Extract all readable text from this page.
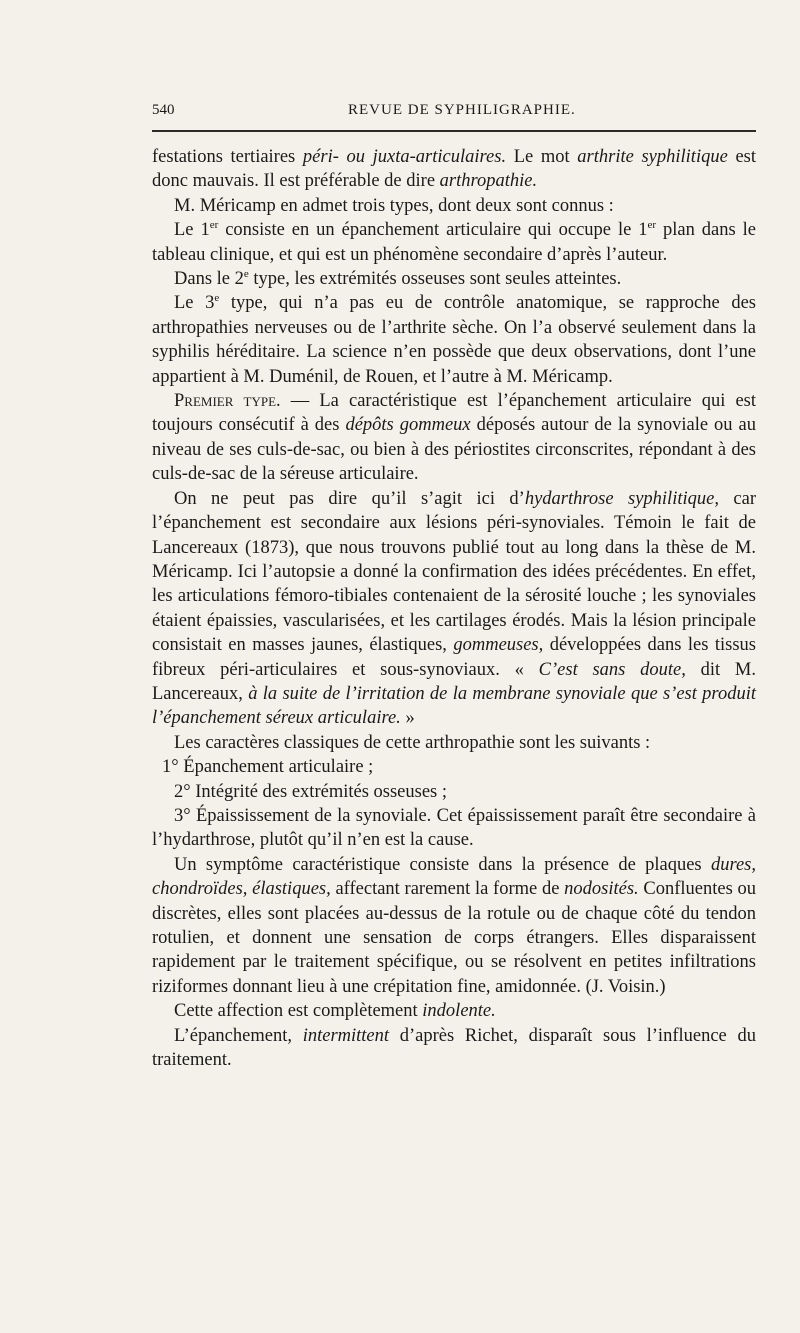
540	REVUE DE SYPHILIGRAPHIE.

festations tertiaires péri- ou juxta-articulaires. Le mot arthrite syphilitique est donc mauvais. Il est préférable de dire arthropathie.

M. Méricamp en admet trois types, dont deux sont connus :

Le 1er consiste en un épanchement articulaire qui occupe le 1er plan dans le tableau clinique, et qui est un phénomène secondaire d’après l’auteur.

Dans le 2e type, les extrémités osseuses sont seules atteintes.

Le 3e type, qui n’a pas eu de contrôle anatomique, se rapproche des arthropathies nerveuses ou de l’arthrite sèche. On l’a observé seulement dans la syphilis héréditaire. La science n’en possède que deux observations, dont l’une appartient à M. Duménil, de Rouen, et l’autre à M. Méricamp.

Premier type. — La caractéristique est l’épanchement articulaire qui est toujours consécutif à des dépôts gommeux déposés autour de la synoviale ou au niveau de ses culs-de-sac, ou bien à des périostites circonscrites, répondant à des culs-de-sac de la séreuse articulaire.

On ne peut pas dire qu’il s’agit ici d’hydarthrose syphilitique, car l’épanchement est secondaire aux lésions péri-synoviales. Témoin le fait de Lancereaux (1873), que nous trouvons publié tout au long dans la thèse de M. Méricamp. Ici l’autopsie a donné la confirmation des idées précédentes. En effet, les articulations fémoro-tibiales contenaient de la sérosité louche ; les synoviales étaient épaissies, vascularisées, et les cartilages érodés. Mais la lésion principale consistait en masses jaunes, élastiques, gommeuses, développées dans les tissus fibreux péri-articulaires et sous-synoviaux. « C’est sans doute, dit M. Lancereaux, à la suite de l’irritation de la membrane synoviale que s’est produit l’épanchement séreux articulaire. »

Les caractères classiques de cette arthropathie sont les suivants :

1° Épanchement articulaire ;

2° Intégrité des extrémités osseuses ;

3° Épaississement de la synoviale. Cet épaississement paraît être secondaire à l’hydarthrose, plutôt qu’il n’en est la cause.

Un symptôme caractéristique consiste dans la présence de plaques dures, chondroïdes, élastiques, affectant rarement la forme de nodosités. Confluentes ou discrètes, elles sont placées au-dessus de la rotule ou de chaque côté du tendon rotulien, et donnent une sensation de corps étrangers. Elles disparaissent rapidement par le traitement spécifique, ou se résolvent en petites infiltrations riziformes donnant lieu à une crépitation fine, amidonnée. (J. Voisin.)

Cette affection est complètement indolente.

L’épanchement, intermittent d’après Richet, disparaît sous l’influence du traitement.
